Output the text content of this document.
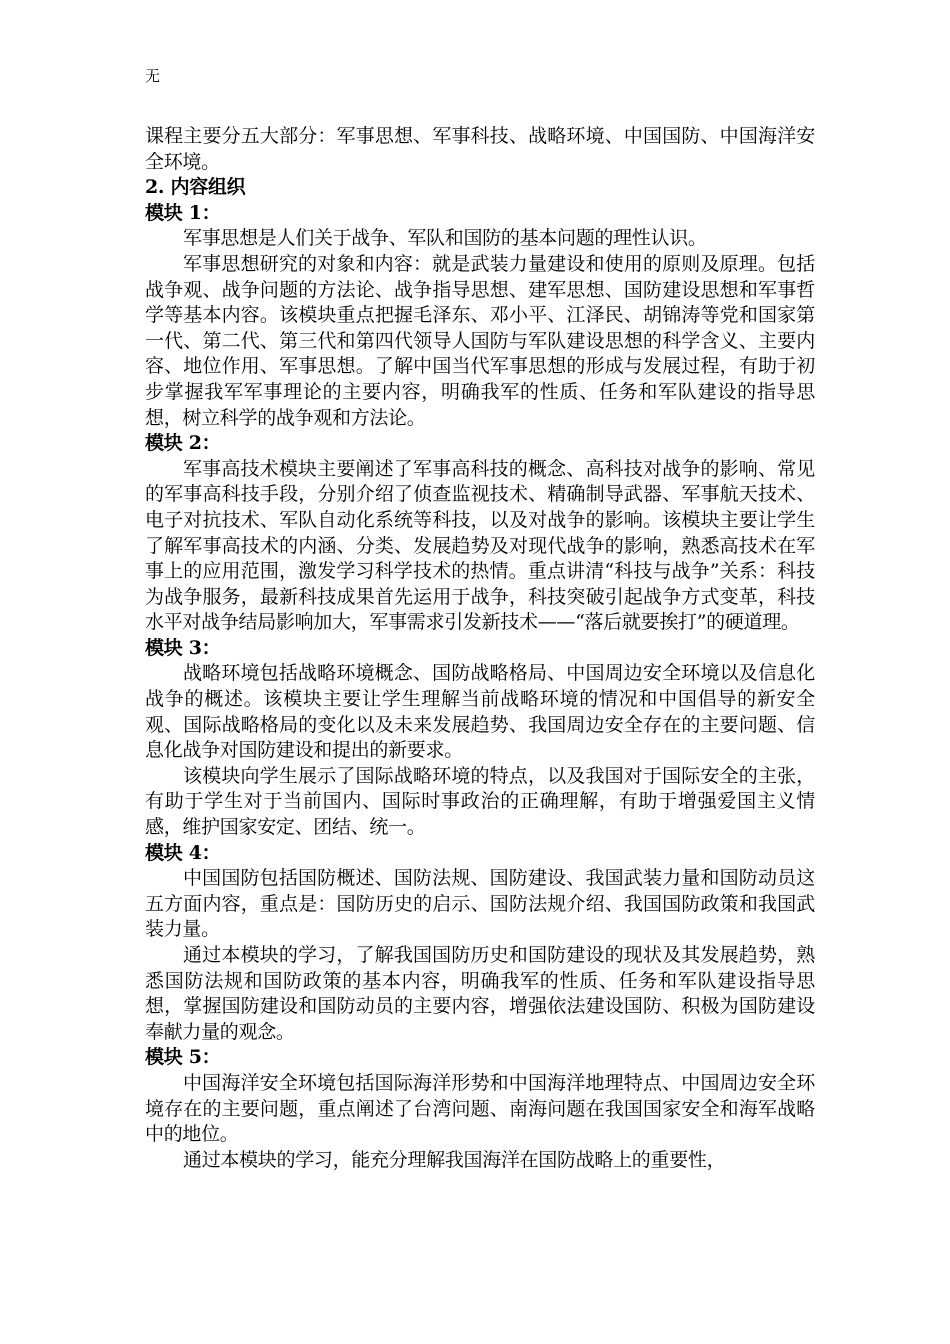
无

课程主要分五大部分：军事思想、军事科技、战略环境、中国国防、中国海洋安全环境。

2. 内容组织
模块 1：

军事思想是人们关于战争、军队和国防的基本问题的理性认识。

军事思想研究的对象和内容：就是武装力量建设和使用的原则及原理。包括战争观、战争问题的方法论、战争指导思想、建军思想、国防建设思想和军事哲学等基本内容。该模块重点把握毛泽东、邓小平、江泽民、胡锦涛等党和国家第一代、第二代、第三代和第四代领导人国防与军队建设思想的科学含义、主要内容、地位作用、军事思想。了解中国当代军事思想的形成与发展过程，有助于初步掌握我军军事理论的主要内容，明确我军的性质、任务和军队建设的指导思想，树立科学的战争观和方法论。

模块 2：

军事高技术模块主要阐述了军事高科技的概念、高科技对战争的影响、常见的军事高科技手段，分别介绍了侦查监视技术、精确制导武器、军事航天技术、电子对抗技术、军队自动化系统等科技，以及对战争的影响。该模块主要让学生了解军事高技术的内涵、分类、发展趋势及对现代战争的影响，熟悉高技术在军事上的应用范围，激发学习科学技术的热情。重点讲清“科技与战争”关系：科技为战争服务，最新科技成果首先运用于战争，科技突破引起战争方式变革，科技水平对战争结局影响加大，军事需求引发新技术——“落后就要挨打”的硬道理。

模块 3：

战略环境包括战略环境概念、国防战略格局、中国周边安全环境以及信息化战争的概述。该模块主要让学生理解当前战略环境的情况和中国倡导的新安全观、国际战略格局的变化以及未来发展趋势、我国周边安全存在的主要问题、信息化战争对国防建设和提出的新要求。

该模块向学生展示了国际战略环境的特点，以及我国对于国际安全的主张，有助于学生对于当前国内、国际时事政治的正确理解，有助于增强爱国主义情感，维护国家安定、团结、统一。

模块 4：

中国国防包括国防概述、国防法规、国防建设、我国武装力量和国防动员这五方面内容，重点是：国防历史的启示、国防法规介绍、我国国防政策和我国武装力量。

通过本模块的学习，了解我国国防历史和国防建设的现状及其发展趋势，熟悉国防法规和国防政策的基本内容，明确我军的性质、任务和军队建设指导思想，掌握国防建设和国防动员的主要内容，增强依法建设国防、积极为国防建设奉献力量的观念。

模块 5：

中国海洋安全环境包括国际海洋形势和中国海洋地理特点、中国周边安全环境存在的主要问题，重点阐述了台湾问题、南海问题在我国国家安全和海军战略中的地位。

通过本模块的学习，能充分理解我国海洋在国防战略上的重要性，
